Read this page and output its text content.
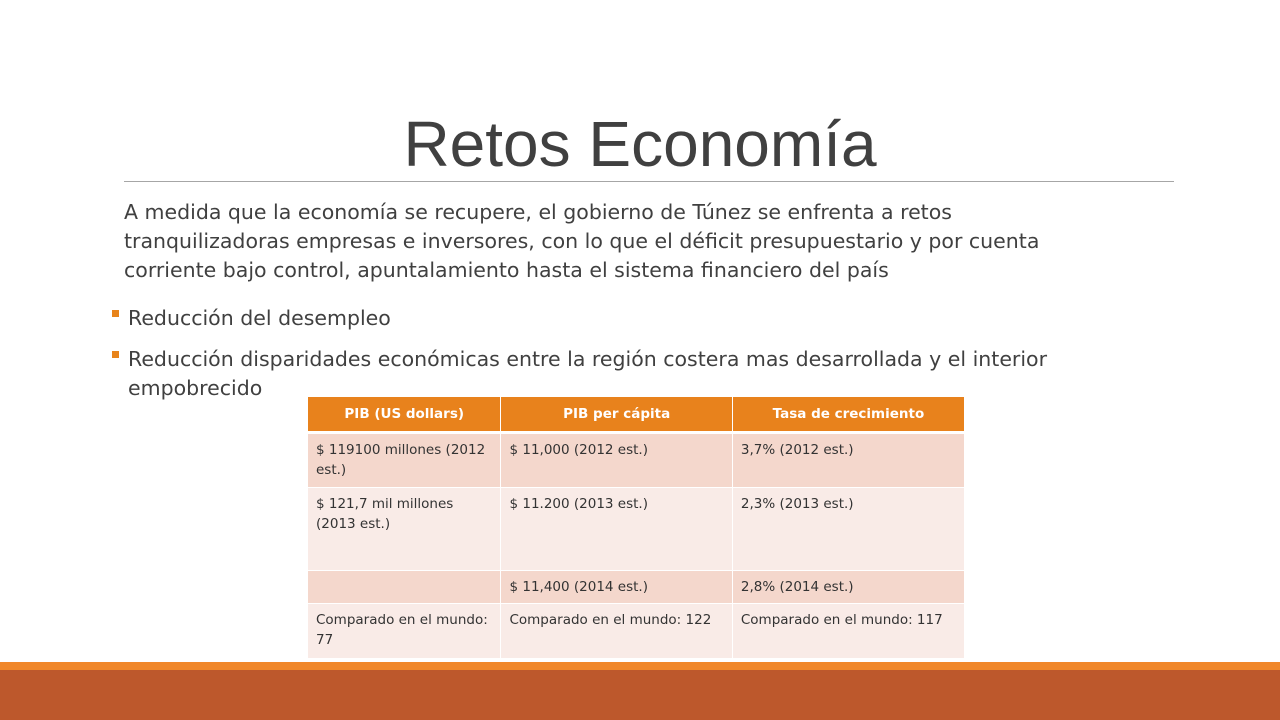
Retos Economía

A medida que la economía se recupere, el gobierno de Túnez se enfrenta a retos tranquilizadoras empresas e inversores, con lo que el déficit presupuestario y por cuenta corriente bajo control, apuntalamiento hasta el sistema financiero del país

Reducción del desempleo
Reducción disparidades económicas entre la región costera mas desarrollada y el interior empobrecido
PIB (US dollars)	PIB per cápita	Tasa de crecimiento
$ 119100 millones (2012 est.)	$ 11,000 (2012 est.)	3,7% (2012 est.)
$ 121,7 mil millones (2013 est.)	$ 11.200 (2013 est.)	2,3% (2013 est.)
	$ 11,400 (2014 est.)	2,8% (2014 est.)
Comparado en el mundo: 77	Comparado en el mundo: 122	Comparado en el mundo: 117
